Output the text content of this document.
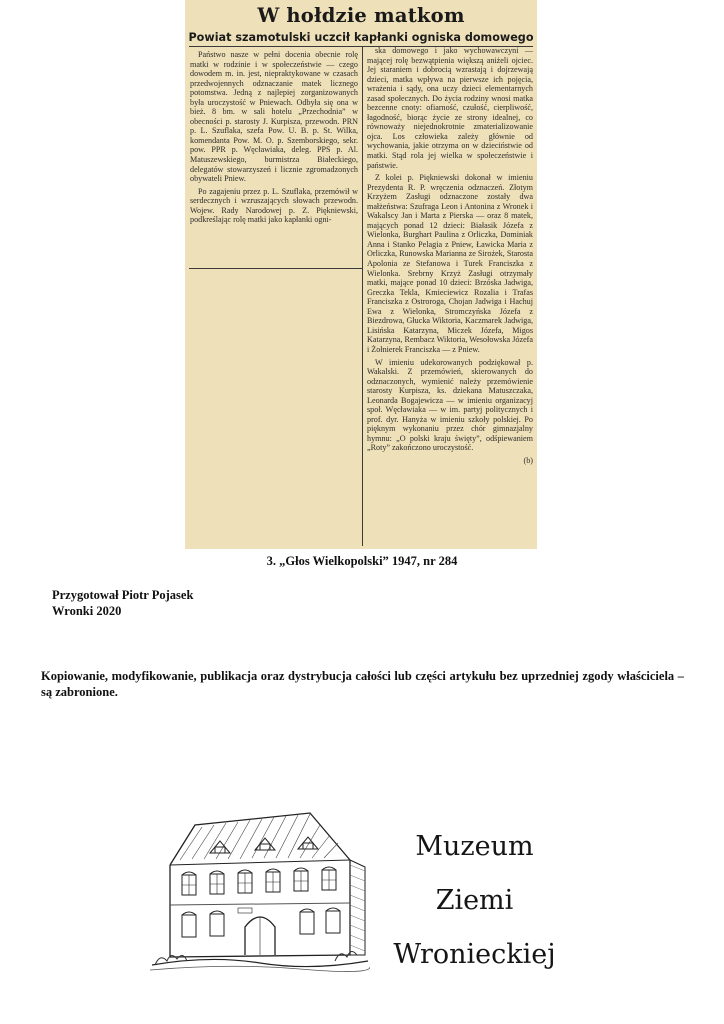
W hołdzie matkom
Powiat szamotulski uczcił kapłanki ogniska domowego

Państwo nasze w pełni docenia obecnie rolę matki w rodzinie i w społeczeństwie — czego dowodem m. in. jest, niepraktykowane w czasach przedwojennych odznaczanie matek licznego potomstwa. Jedną z najlepiej zorganizowanych była uroczystość w Pniewach. Odbyła się ona w bież. 8 bm. w sali hotelu „Przechodnia” w obecności p. starosty J. Kurpisza, przewodn. PRN p. L. Szuflaka, szefa Pow. U. B. p. St. Wilka, komendanta Pow. M. O. p. Szemborskiego, sekr. pow. PPR p. Węcławiaka, deleg. PPS p. Al. Matuszewskiego, burmistrza Białeckiego, delegatów stowarzyszeń i licznie zgromadzonych obywateli Pniew.

Po zagajeniu przez p. L. Szuflaka, przemówił w serdecznych i wzruszających słowach przewodn. Wojew. Rady Narodowej p. Z. Piękniewski, podkreślając rolę matki jako kapłanki ogni-

ska domowego i jako wychowawczyni — mającej rolę bezwątpienia większą aniżeli ojciec. Jej staraniem i dobrocią wzrastają i dojrzewają dzieci, matka wpływa na pierwsze ich pojęcia, wrażenia i sądy, ona uczy dzieci elementarnych zasad społecznych. Do życia rodziny wnosi matka bezcenne cnoty: ofiarność, czułość, cierpliwość, łagodność, biorąc życie ze strony idealnej, co równoważy niejednokrotnie zmaterializowanie ojca. Los człowieka zależy głównie od wychowania, jakie otrzyma on w dzieciństwie od matki. Stąd rola jej wielka w społeczeństwie i państwie.

Z kolei p. Piękniewski dokonał w imieniu Prezydenta R. P. wręczenia odznaczeń. Złotym Krzyżem Zasługi odznaczone zostały dwa małżeństwa: Szufraga Leon i Antonina z Wronek i Wakalscy Jan i Marta z Pierska — oraz 8 matek, mających ponad 12 dzieci: Białasik Józefa z Wielonka, Burghart Paulina z Orliczka, Dominiak Anna i Stanko Pelagia z Pniew, Ławicka Maria z Orliczka, Runowska Marianna ze Sirożek, Starosta Apolonia ze Stefanowa i Turek Franciszka z Wielonka. Srebrny Krzyż Zasługi otrzymały matki, mające ponad 10 dzieci: Brzóska Jadwiga, Greczka Tekla, Kmieciewicz Rozalia i Trafas Franciszka z Ostroroga, Chojan Jadwiga i Hachuj Ewa z Wielonka, Stromczyńska Józefa z Biezdrowa, Głucka Wiktoria, Kaczmarek Jadwiga, Lisińska Katarzyna, Miczek Józefa, Migos Katarzyna, Rembacz Wiktoria, Wesołowska Józefa i Żołnierek Franciszka — z Pniew.

W imieniu udekorowanych podziękował p. Wakalski. Z przemówień, skierowanych do odznaczonych, wymienić należy przemówienie starosty Kurpisza, ks. dziekana Matuszczaka, Leonarda Bogajewicza — w imieniu organizacyj społ. Węcławiaka — w im. partyj politycznych i prof. dyr. Hanyża w imieniu szkoły polskiej. Po pięknym wykonaniu przez chór gimnazjalny hymnu: „O polski kraju święty”, odśpiewaniem „Roty” zakończono uroczystość.

(b)

3. „Głos Wielkopolski” 1947, nr 284
Przygotował Piotr Pojasek
Wronki 2020
Kopiowanie, modyfikowanie, publikacja oraz dystrybucja całości lub części artykułu bez uprzedniej zgody właściciela – są zabronione.
Muzeum
Ziemi
Wronieckiej
